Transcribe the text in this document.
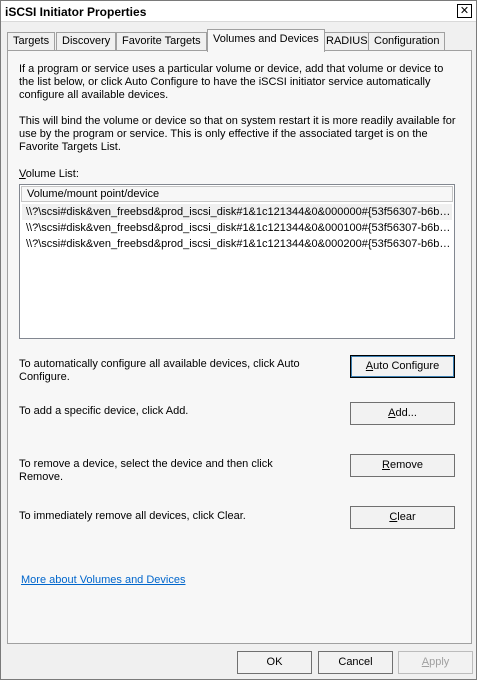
iSCSI Initiator Properties	✕
Targets	Discovery	Favorite Targets	Volumes and Devices RADIUS Configuration
If a program or service uses a particular volume or device, add that volume or device to the list below, or click Auto Configure to have the iSCSI initiator service automatically configure all available devices.
This will bind the volume or device so that on system restart it is more readily available for use by the program or service. This is only effective if the associated target is on the Favorite Targets List.
Volume List:
Volume/mount point/device
\\?\scsi#disk&ven_freebsd&prod_iscsi_disk#1&1c121344&0&000000#{53f56307-b6b…
\\?\scsi#disk&ven_freebsd&prod_iscsi_disk#1&1c121344&0&000100#{53f56307-b6b…
\\?\scsi#disk&ven_freebsd&prod_iscsi_disk#1&1c121344&0&000200#{53f56307-b6b…
To automatically configure all available devices, click Auto Configure.
Auto Configure
To add a specific device, click Add.	Add...
To remove a device, select the device and then click Remove.
Remove
To immediately remove all devices, click Clear.	Clear
More about Volumes and Devices
OK	Cancel	Apply
